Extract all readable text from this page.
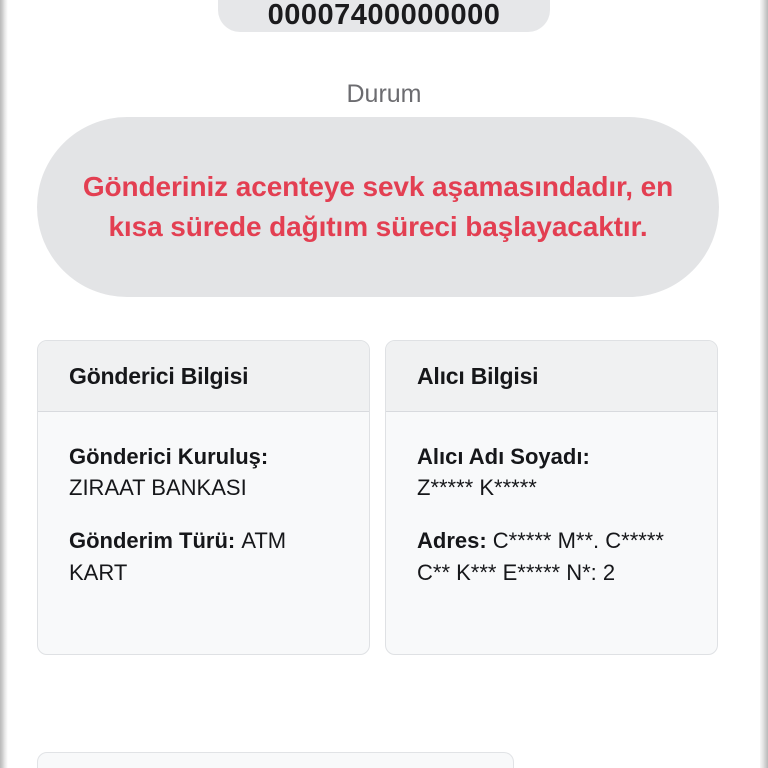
00007400000000
Durum
Gönderiniz acenteye sevk aşamasındadır, en kısa sürede dağıtım süreci başlayacaktır.
Gönderici Bilgisi
Gönderici Kuruluş:
ZIRAAT BANKASI
Gönderim Türü: ATM KART
Alıcı Bilgisi
Alıcı Adı Soyadı:
Z***** K*****
Adres: C***** M**. C***** C** K*** E***** N*: 2
